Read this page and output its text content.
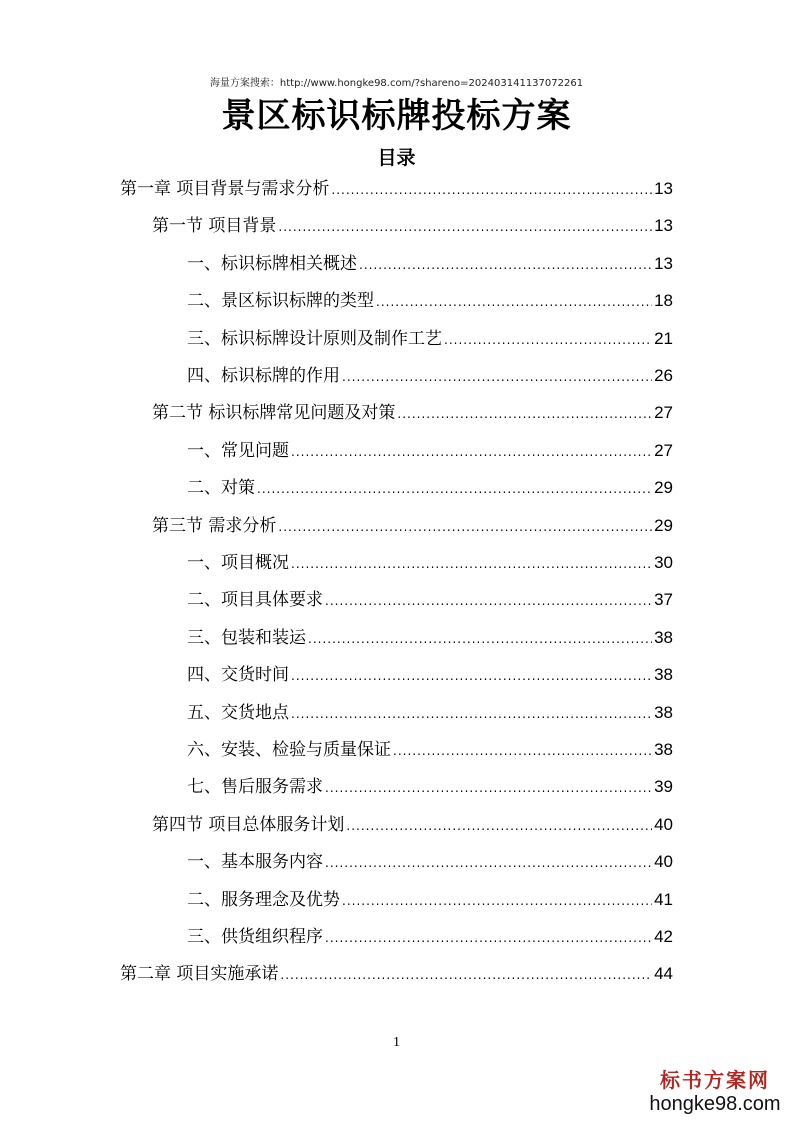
海量方案搜索：http://www.hongke98.com/?shareno=2024031411370722​61
景区标识标牌投标方案
目录
第一章 项目背景与需求分析 .....	13
第一节 项目背景 .....	13
一、标识标牌相关概述 .....	13
二、景区标识标牌的类型 .....	18
三、标识标牌设计原则及制作工艺 .....	21
四、标识标牌的作用 .....	26
第二节 标识标牌常见问题及对策 .....	27
一、常见问题 .....	27
二、对策 .....	29
第三节 需求分析 .....	29
一、项目概况 .....	30
二、项目具体要求 .....	37
三、包装和装运 .....	38
四、交货时间 .....	38
五、交货地点 .....	38
六、安装、检验与质量保证 .....	38
七、售后服务需求 .....	39
第四节 项目总体服务计划 .....	40
一、基本服务内容 .....	40
二、服务理念及优势 .....	41
三、供货组织程序 .....	42
第二章 项目实施承诺 .....	44
1
标书方案网
hongke98.com
